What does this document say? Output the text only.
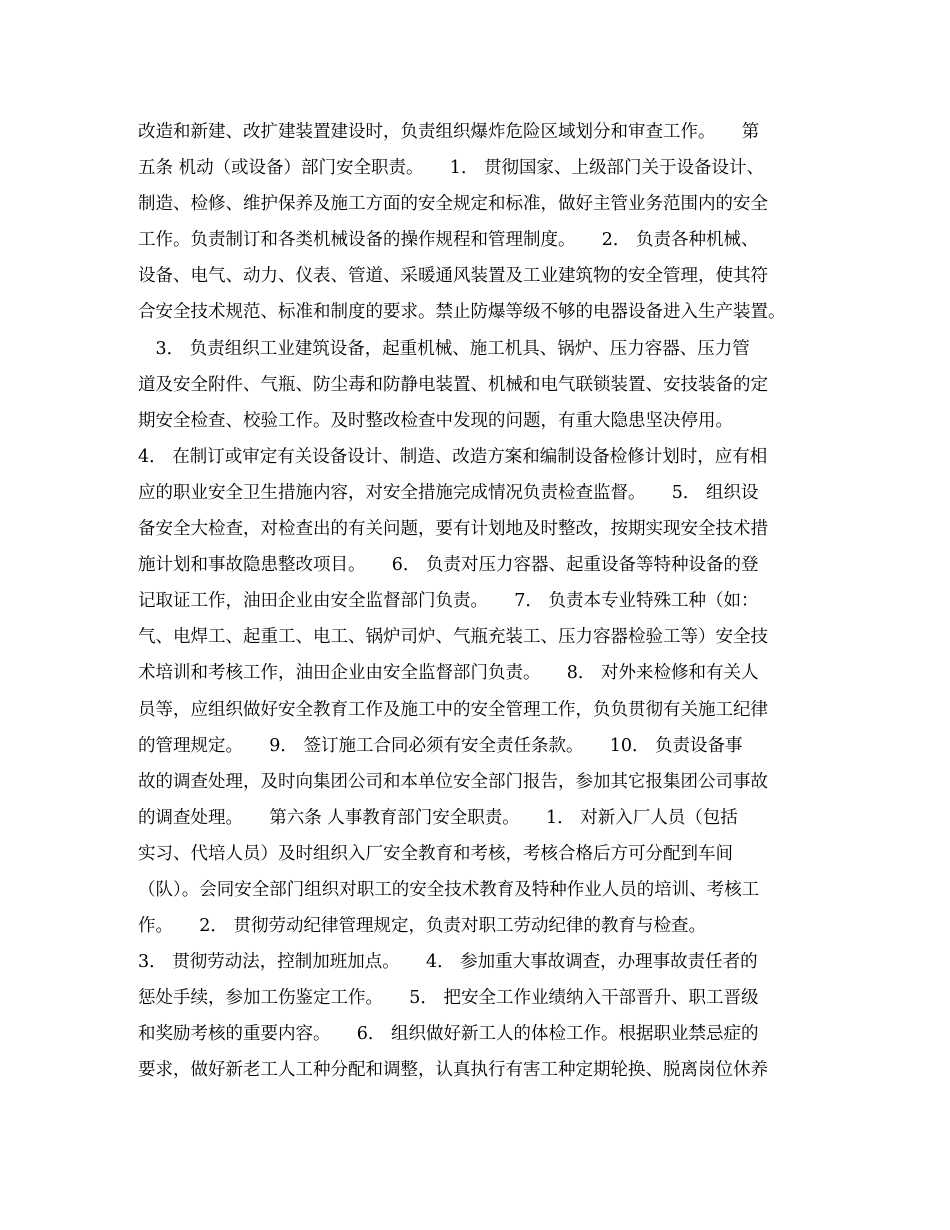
改造和新建、改扩建装置建设时，负责组织爆炸危险区域划分和审查工作。　　第
五条 机动（或设备）部门安全职责。　　1． 贯彻国家、上级部门关于设备设计、
制造、检修、维护保养及施工方面的安全规定和标准，做好主管业务范围内的安全
工作。负责制订和各类机械设备的操作规程和管理制度。　　2． 负责各种机械、
设备、电气、动力、仪表、管道、采暖通风装置及工业建筑物的安全管理，使其符
合安全技术规范、标准和制度的要求。禁止防爆等级不够的电器设备进入生产装置。
　3． 负责组织工业建筑设备，起重机械、施工机具、锅炉、压力容器、压力管
道及安全附件、气瓶、防尘毒和防静电装置、机械和电气联锁装置、安技装备的定
期安全检查、校验工作。及时整改检查中发现的问题，有重大隐患坚决停用。　
4． 在制订或审定有关设备设计、制造、改造方案和编制设备检修计划时，应有相
应的职业安全卫生措施内容，对安全措施完成情况负责检查监督。　　5． 组织设
备安全大检查，对检查出的有关问题，要有计划地及时整改，按期实现安全技术措
施计划和事故隐患整改项目。　　6． 负责对压力容器、起重设备等特种设备的登
记取证工作，油田企业由安全监督部门负责。　　7． 负责本专业特殊工种（如：
气、电焊工、起重工、电工、锅炉司炉、气瓶充装工、压力容器检验工等）安全技
术培训和考核工作，油田企业由安全监督部门负责。　　8． 对外来检修和有关人
员等，应组织做好安全教育工作及施工中的安全管理工作，负负贯彻有关施工纪律
的管理规定。　　9． 签订施工合同必须有安全责任条款。　　10． 负责设备事
故的调查处理，及时向集团公司和本单位安全部门报告，参加其它报集团公司事故
的调查处理。　　第六条 人事教育部门安全职责。　　1． 对新入厂人员（包括
实习、代培人员）及时组织入厂安全教育和考核，考核合格后方可分配到车间
（队）。会同安全部门组织对职工的安全技术教育及特种作业人员的培训、考核工
作。　　2． 贯彻劳动纪律管理规定，负责对职工劳动纪律的教育与检查。　
3． 贯彻劳动法，控制加班加点。　　4． 参加重大事故调查，办理事故责任者的
惩处手续，参加工伤鉴定工作。　　5． 把安全工作业绩纳入干部晋升、职工晋级
和奖励考核的重要内容。　　6． 组织做好新工人的体检工作。根据职业禁忌症的
要求，做好新老工人工种分配和调整，认真执行有害工种定期轮换、脱离岗位休养
